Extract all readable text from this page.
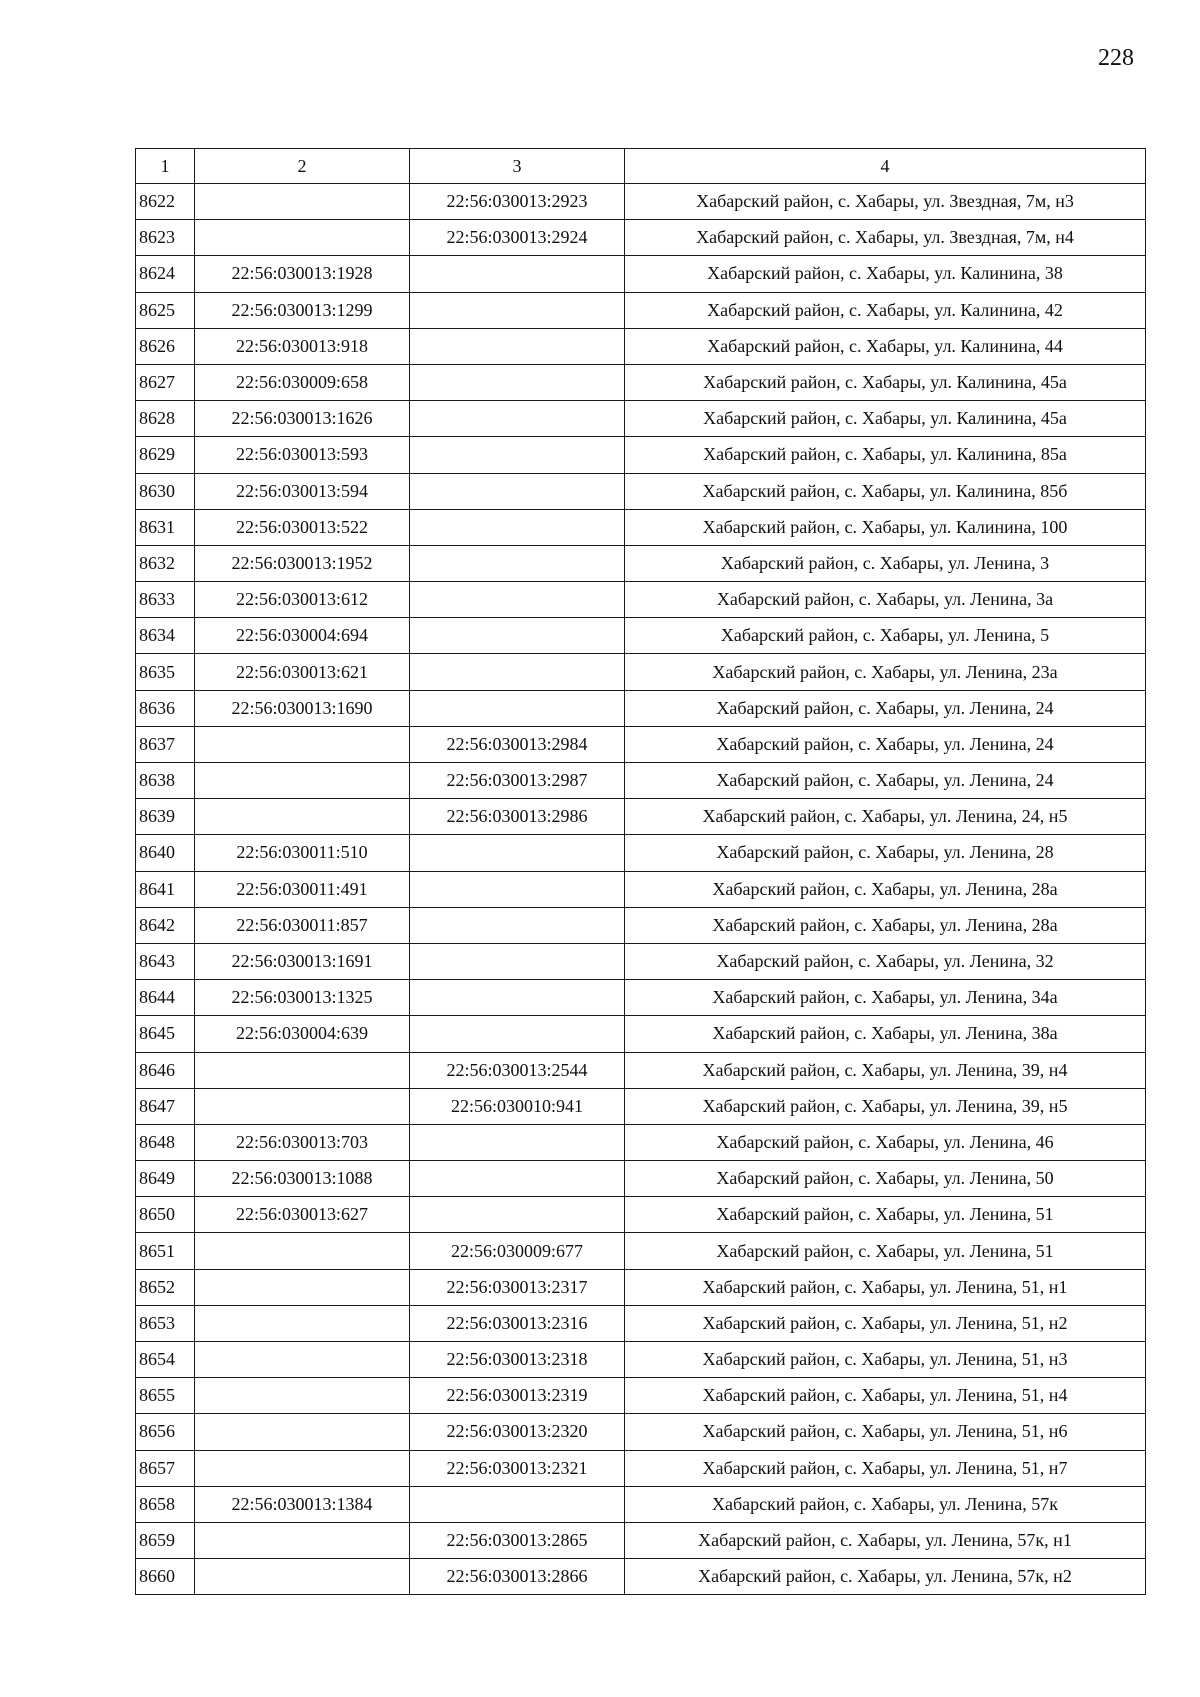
228
1	2	3	4
8622		22:56:030013:2923	Хабарский район, с. Хабары, ул. Звездная, 7м, н3
8623		22:56:030013:2924	Хабарский район, с. Хабары, ул. Звездная, 7м, н4
8624	22:56:030013:1928		Хабарский район, с. Хабары, ул. Калинина, 38
8625	22:56:030013:1299		Хабарский район, с. Хабары, ул. Калинина, 42
8626	22:56:030013:918		Хабарский район, с. Хабары, ул. Калинина, 44
8627	22:56:030009:658		Хабарский район, с. Хабары, ул. Калинина, 45а
8628	22:56:030013:1626		Хабарский район, с. Хабары, ул. Калинина, 45а
8629	22:56:030013:593		Хабарский район, с. Хабары, ул. Калинина, 85а
8630	22:56:030013:594		Хабарский район, с. Хабары, ул. Калинина, 85б
8631	22:56:030013:522		Хабарский район, с. Хабары, ул. Калинина, 100
8632	22:56:030013:1952		Хабарский район, с. Хабары, ул. Ленина, 3
8633	22:56:030013:612		Хабарский район, с. Хабары, ул. Ленина, 3а
8634	22:56:030004:694		Хабарский район, с. Хабары, ул. Ленина, 5
8635	22:56:030013:621		Хабарский район, с. Хабары, ул. Ленина, 23а
8636	22:56:030013:1690		Хабарский район, с. Хабары, ул. Ленина, 24
8637		22:56:030013:2984	Хабарский район, с. Хабары, ул. Ленина, 24
8638		22:56:030013:2987	Хабарский район, с. Хабары, ул. Ленина, 24
8639		22:56:030013:2986	Хабарский район, с. Хабары, ул. Ленина, 24, н5
8640	22:56:030011:510		Хабарский район, с. Хабары, ул. Ленина, 28
8641	22:56:030011:491		Хабарский район, с. Хабары, ул. Ленина, 28а
8642	22:56:030011:857		Хабарский район, с. Хабары, ул. Ленина, 28а
8643	22:56:030013:1691		Хабарский район, с. Хабары, ул. Ленина, 32
8644	22:56:030013:1325		Хабарский район, с. Хабары, ул. Ленина, 34а
8645	22:56:030004:639		Хабарский район, с. Хабары, ул. Ленина, 38а
8646		22:56:030013:2544	Хабарский район, с. Хабары, ул. Ленина, 39, н4
8647		22:56:030010:941	Хабарский район, с. Хабары, ул. Ленина, 39, н5
8648	22:56:030013:703		Хабарский район, с. Хабары, ул. Ленина, 46
8649	22:56:030013:1088		Хабарский район, с. Хабары, ул. Ленина, 50
8650	22:56:030013:627		Хабарский район, с. Хабары, ул. Ленина, 51
8651		22:56:030009:677	Хабарский район, с. Хабары, ул. Ленина, 51
8652		22:56:030013:2317	Хабарский район, с. Хабары, ул. Ленина, 51, н1
8653		22:56:030013:2316	Хабарский район, с. Хабары, ул. Ленина, 51, н2
8654		22:56:030013:2318	Хабарский район, с. Хабары, ул. Ленина, 51, н3
8655		22:56:030013:2319	Хабарский район, с. Хабары, ул. Ленина, 51, н4
8656		22:56:030013:2320	Хабарский район, с. Хабары, ул. Ленина, 51, н6
8657		22:56:030013:2321	Хабарский район, с. Хабары, ул. Ленина, 51, н7
8658	22:56:030013:1384		Хабарский район, с. Хабары, ул. Ленина, 57к
8659		22:56:030013:2865	Хабарский район, с. Хабары, ул. Ленина, 57к, н1
8660		22:56:030013:2866	Хабарский район, с. Хабары, ул. Ленина, 57к, н2
